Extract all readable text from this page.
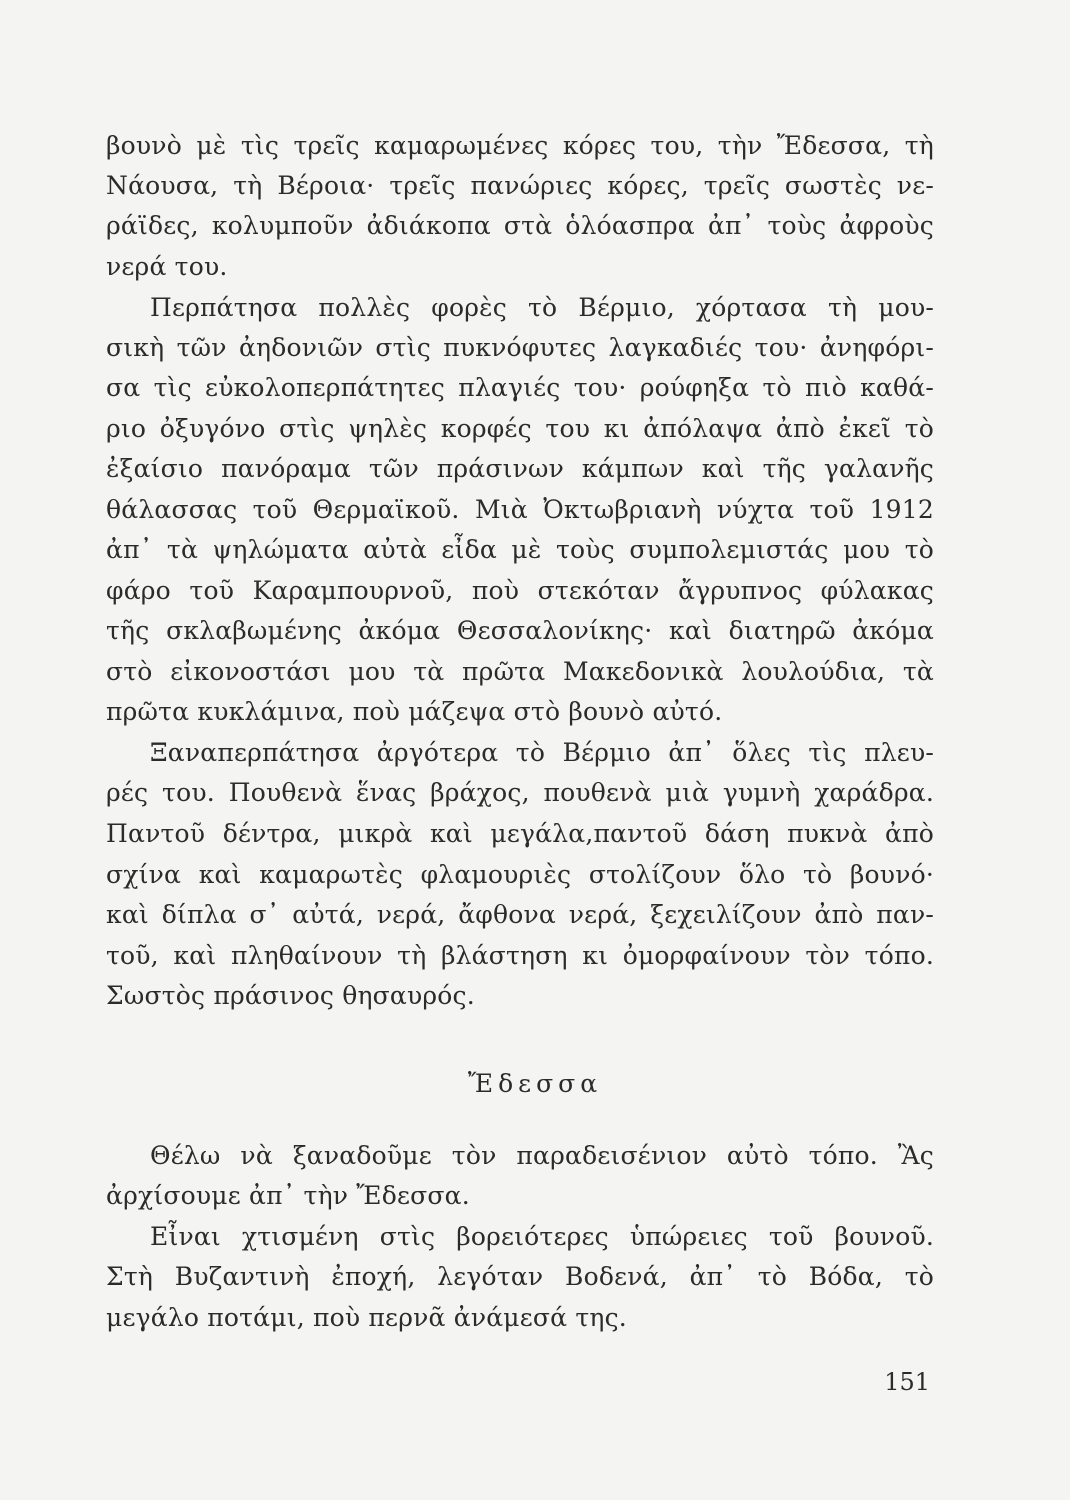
βουνὸ μὲ τὶς τρεῖς καμαρωμένες κόρες του, τὴν Ἔδεσσα, τὴ
Νάουσα, τὴ Βέροια· τρεῖς πανώριες κόρες, τρεῖς σωστὲς νε-
ράϊδες, κολυμποῦν ἀδιάκοπα στὰ ὁλόασπρα ἀπ᾽ τοὺς ἀφροὺς
νερά του.
Περπάτησα πολλὲς φορὲς τὸ Βέρμιο, χόρτασα τὴ μου-
σικὴ τῶν ἀηδονιῶν στὶς πυκνόφυτες λαγκαδιές του· ἀνηφόρι-
σα τὶς εὐκολοπερπάτητες πλαγιές του· ρούφηξα τὸ πιὸ καθά-
ριο ὀξυγόνο στὶς ψηλὲς κορφές του κι ἀπόλαψα ἀπὸ ἐκεῖ τὸ
ἐξαίσιο πανόραμα τῶν πράσινων κάμπων καὶ τῆς γαλανῆς
θάλασσας τοῦ Θερμαϊκοῦ. Μιὰ Ὀκτωβριανὴ νύχτα τοῦ 1912
ἀπ᾽ τὰ ψηλώματα αὐτὰ εἶδα μὲ τοὺς συμπολεμιστάς μου τὸ
φάρο τοῦ Καραμπουρνοῦ, ποὺ στεκόταν ἄγρυπνος φύλακας
τῆς σκλαβωμένης ἀκόμα Θεσσαλονίκης· καὶ διατηρῶ ἀκόμα
στὸ εἰκονοστάσι μου τὰ πρῶτα Μακεδονικὰ λουλούδια, τὰ
πρῶτα κυκλάμινα, ποὺ μάζεψα στὸ βουνὸ αὐτό.
Ξαναπερπάτησα ἀργότερα τὸ Βέρμιο ἀπ᾽ ὅλες τὶς πλευ-
ρές του. Πουθενὰ ἕνας βράχος, πουθενὰ μιὰ γυμνὴ χαράδρα.
Παντοῦ δέντρα, μικρὰ καὶ μεγάλα,παντοῦ δάση πυκνὰ ἀπὸ
σχίνα καὶ καμαρωτὲς φλαμουριὲς στολίζουν ὅλο τὸ βουνό·
καὶ δίπλα σ᾽ αὐτά, νερά, ἄφθονα νερά, ξεχειλίζουν ἀπὸ παν-
τοῦ, καὶ πληθαίνουν τὴ βλάστηση κι ὀμορφαίνουν τὸν τόπο.
Σωστὸς πράσινος θησαυρός.
Ἔδεσσα
Θέλω νὰ ξαναδοῦμε τὸν παραδεισένιον αὐτὸ τόπο. Ἂς
ἀρχίσουμε ἀπ᾽ τὴν Ἔδεσσα.
Εἶναι χτισμένη στὶς βορειότερες ὑπώρειες τοῦ βουνοῦ.
Στὴ Βυζαντινὴ ἐποχή, λεγόταν Βοδενά, ἀπ᾽ τὸ Βόδα, τὸ
μεγάλο ποτάμι, ποὺ περνᾶ ἀνάμεσά της.
151
